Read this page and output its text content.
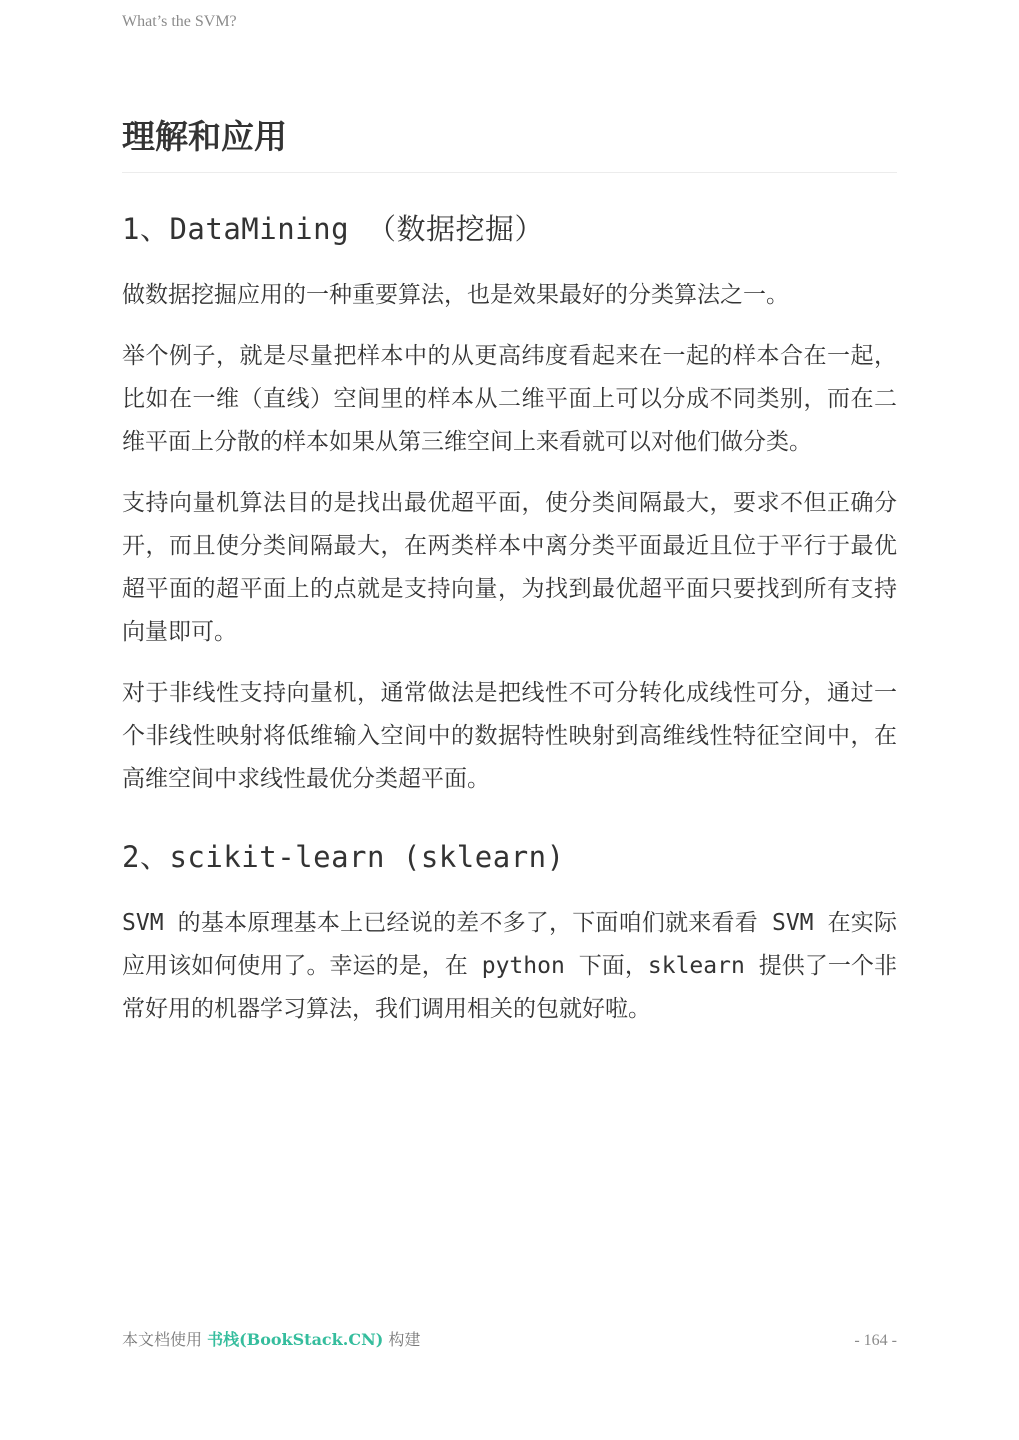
What’s the SVM?
理解和应用
1、DataMining （数据挖掘）

做数据挖掘应用的一种重要算法，也是效果最好的分类算法之一。

举个例子，就是尽量把样本中的从更高纬度看起来在一起的样本合在一起，比如在一维（直线）空间里的样本从二维平面上可以分成不同类别，而在二维平面上分散的样本如果从第三维空间上来看就可以对他们做分类。

支持向量机算法目的是找出最优超平面，使分类间隔最大，要求不但正确分开，而且使分类间隔最大，在两类样本中离分类平面最近且位于平行于最优超平面的超平面上的点就是支持向量，为找到最优超平面只要找到所有支持向量即可。

对于非线性支持向量机，通常做法是把线性不可分转化成线性可分，通过一个非线性映射将低维输入空间中的数据特性映射到高维线性特征空间中，在高维空间中求线性最优分类超平面。

2、scikit-learn (sklearn)

SVM 的基本原理基本上已经说的差不多了，下面咱们就来看看 SVM 在实际应用该如何使用了。幸运的是，在 python 下面，sklearn 提供了一个非常好用的机器学习算法，我们调用相关的包就好啦。

本文档使用 书栈(BookStack.CN) 构建	- 164 -
